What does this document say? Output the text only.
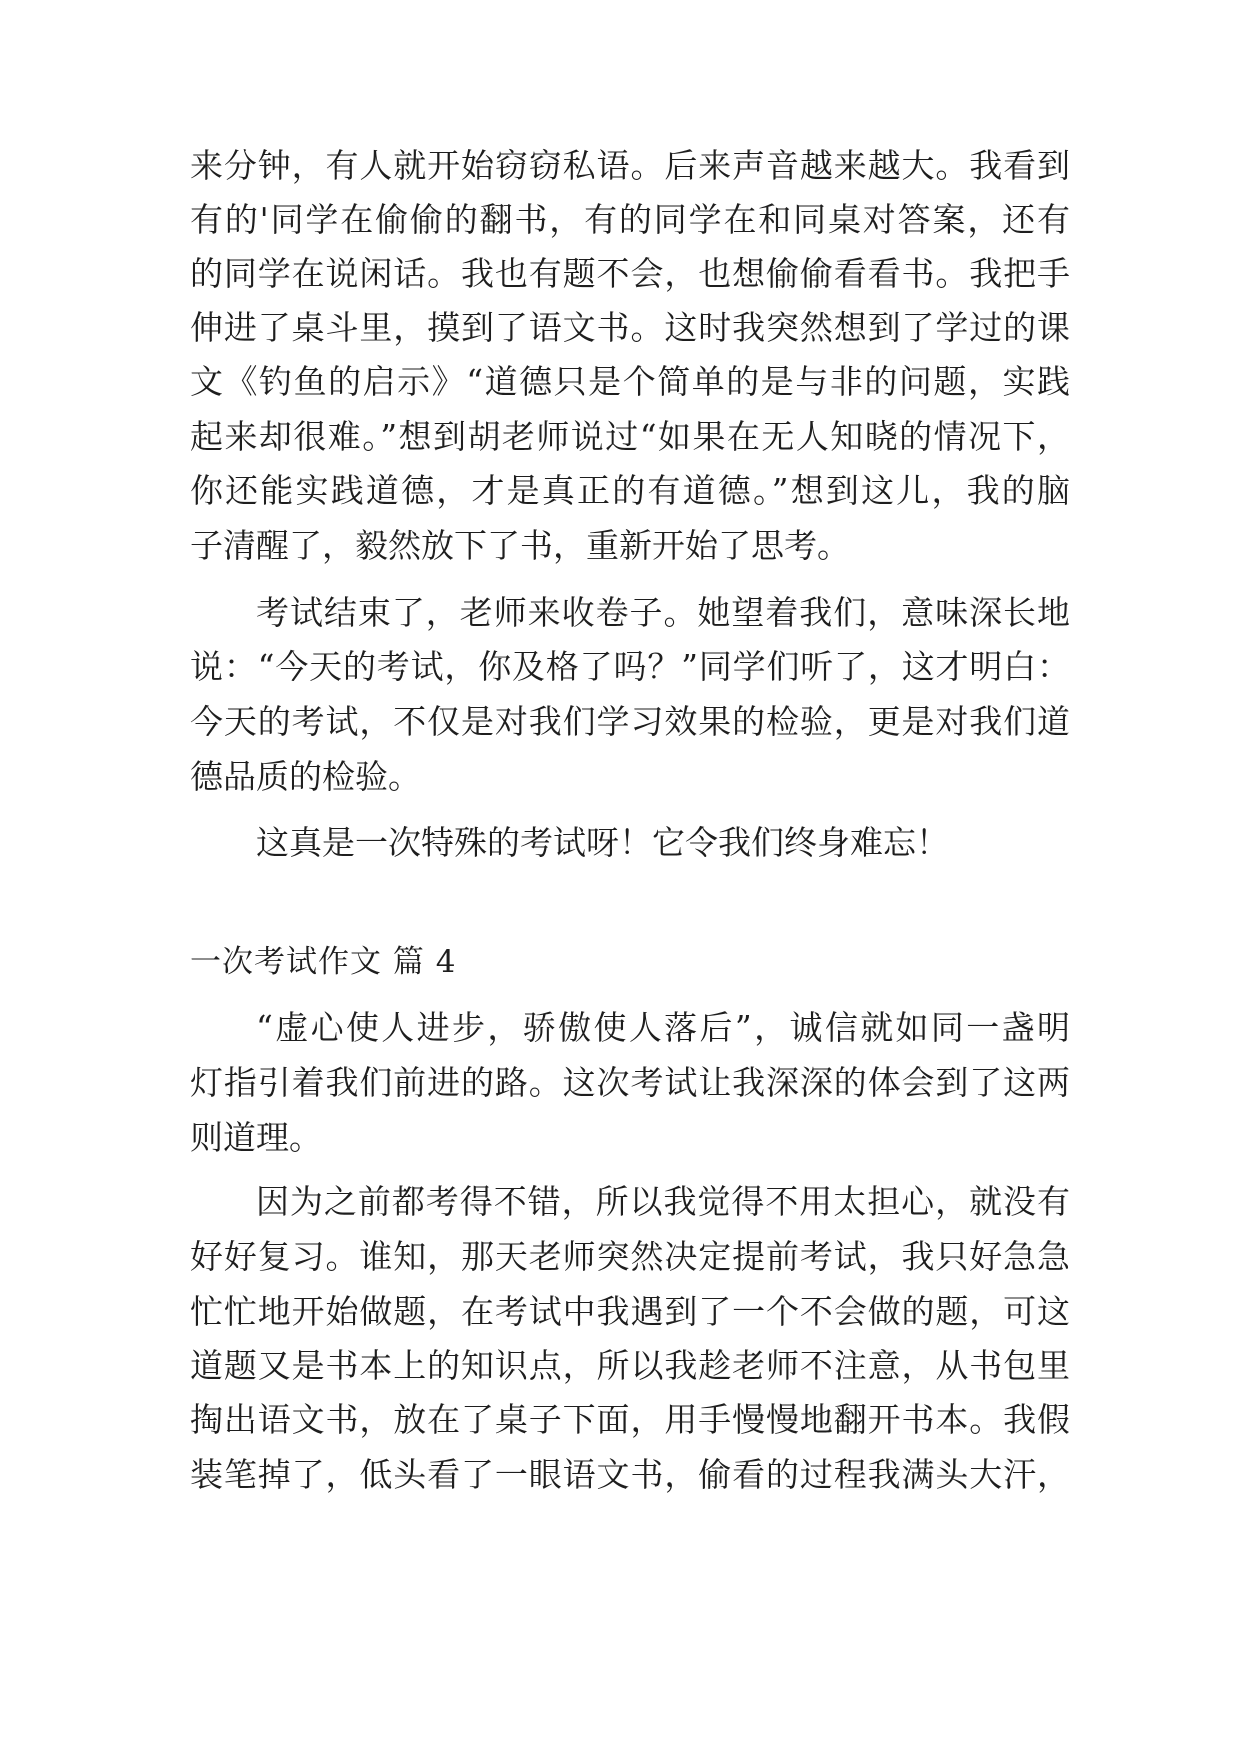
来分钟，有人就开始窃窃私语。后来声音越来越大。我看到
有的'同学在偷偷的翻书，有的同学在和同桌对答案，还有
的同学在说闲话。我也有题不会，也想偷偷看看书。我把手
伸进了桌斗里，摸到了语文书。这时我突然想到了学过的课
文《钓鱼的启示》“道德只是个简单的是与非的问题，实践
起来却很难。”想到胡老师说过“如果在无人知晓的情况下，
你还能实践道德，才是真正的有道德。”想到这儿，我的脑
子清醒了，毅然放下了书，重新开始了思考。
考试结束了，老师来收卷子。她望着我们，意味深长地
说：“今天的考试，你及格了吗？”同学们听了，这才明白：
今天的考试，不仅是对我们学习效果的检验，更是对我们道
德品质的检验。
这真是一次特殊的考试呀！它令我们终身难忘！
一次考试作文 篇 4
“虚心使人进步，骄傲使人落后”，诚信就如同一盏明
灯指引着我们前进的路。这次考试让我深深的体会到了这两
则道理。
因为之前都考得不错，所以我觉得不用太担心，就没有
好好复习。谁知，那天老师突然决定提前考试，我只好急急
忙忙地开始做题，在考试中我遇到了一个不会做的题，可这
道题又是书本上的知识点，所以我趁老师不注意，从书包里
掏出语文书，放在了桌子下面，用手慢慢地翻开书本。我假
装笔掉了，低头看了一眼语文书，偷看的过程我满头大汗，
